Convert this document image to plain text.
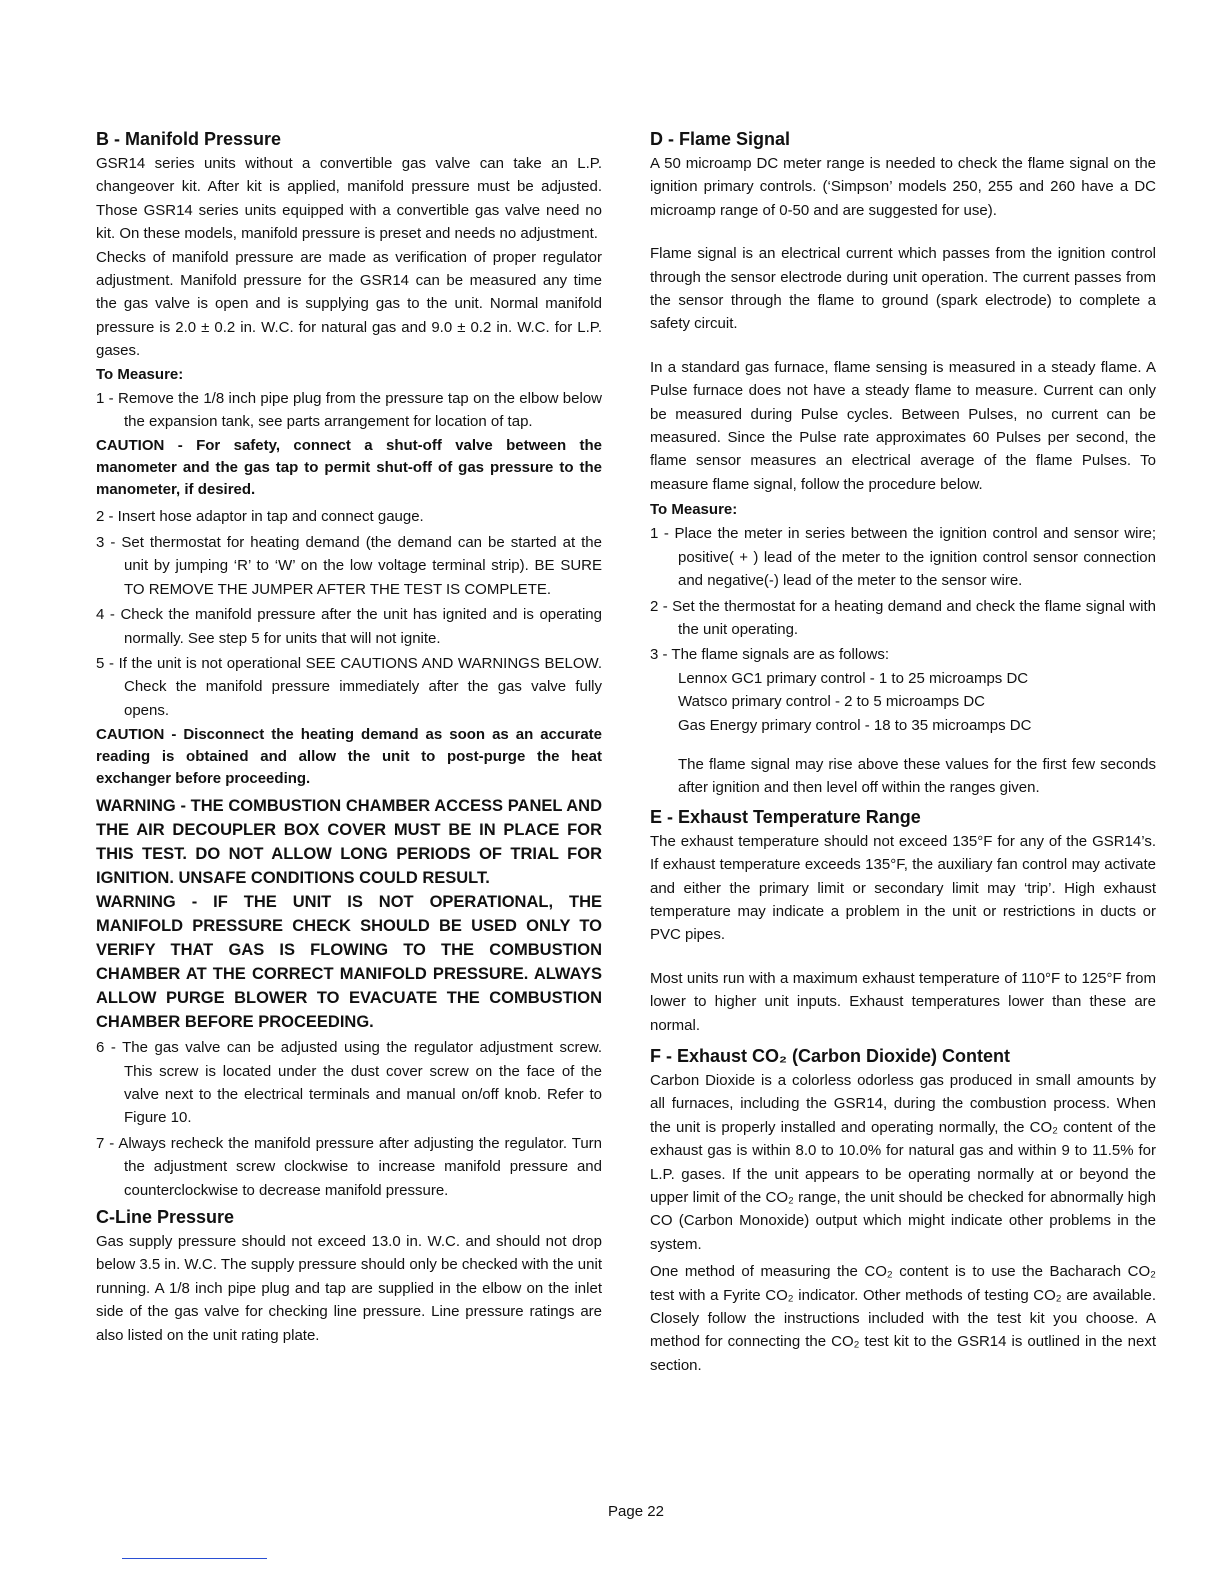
B - Manifold Pressure

GSR14 series units without a convertible gas valve can take an L.P. changeover kit. After kit is applied, manifold pressure must be adjusted. Those GSR14 series units equipped with a convertible gas valve need no kit. On these models, manifold pressure is preset and needs no adjustment.

Checks of manifold pressure are made as verification of proper regulator adjustment. Manifold pressure for the GSR14 can be measured any time the gas valve is open and is supplying gas to the unit. Normal manifold pressure is 2.0 ± 0.2 in. W.C. for natural gas and 9.0 ± 0.2 in. W.C. for L.P. gases.

To Measure:
1 - Remove the 1/8 inch pipe plug from the pressure tap on the elbow below the expansion tank, see parts arrangement for location of tap.
CAUTION - For safety, connect a shut-off valve between the manometer and the gas tap to permit shut-off of gas pressure to the manometer, if desired.
2 - Insert hose adaptor in tap and connect gauge.
3 - Set thermostat for heating demand (the demand can be started at the unit by jumping ‘R’ to ‘W’ on the low voltage terminal strip). BE SURE TO REMOVE THE JUMPER AFTER THE TEST IS COMPLETE.
4 - Check the manifold pressure after the unit has ignited and is operating normally. See step 5 for units that will not ignite.
5 - If the unit is not operational SEE CAUTIONS AND WARNINGS BELOW. Check the manifold pressure immediately after the gas valve fully opens.
CAUTION - Disconnect the heating demand as soon as an accurate reading is obtained and allow the unit to post-purge the heat exchanger before proceeding.
WARNING - THE COMBUSTION CHAMBER ACCESS PANEL AND THE AIR DECOUPLER BOX COVER MUST BE IN PLACE FOR THIS TEST. DO NOT ALLOW LONG PERIODS OF TRIAL FOR IGNITION. UNSAFE CONDITIONS COULD RESULT.
WARNING - IF THE UNIT IS NOT OPERATIONAL, THE MANIFOLD PRESSURE CHECK SHOULD BE USED ONLY TO VERIFY THAT GAS IS FLOWING TO THE COMBUSTION CHAMBER AT THE CORRECT MANIFOLD PRESSURE. ALWAYS ALLOW PURGE BLOWER TO EVACUATE THE COMBUSTION CHAMBER BEFORE PROCEEDING.
6 - The gas valve can be adjusted using the regulator adjustment screw. This screw is located under the dust cover screw on the face of the valve next to the electrical terminals and manual on/off knob. Refer to Figure 10.
7 - Always recheck the manifold pressure after adjusting the regulator. Turn the adjustment screw clockwise to increase manifold pressure and counterclockwise to decrease manifold pressure.
C-Line Pressure

Gas supply pressure should not exceed 13.0 in. W.C. and should not drop below 3.5 in. W.C. The supply pressure should only be checked with the unit running. A 1/8 inch pipe plug and tap are supplied in the elbow on the inlet side of the gas valve for checking line pressure. Line pressure ratings are also listed on the unit rating plate.

D - Flame Signal

A 50 microamp DC meter range is needed to check the flame signal on the ignition primary controls. (‘Simpson’ models 250, 255 and 260 have a DC microamp range of 0-50 and are suggested for use).

Flame signal is an electrical current which passes from the ignition control through the sensor electrode during unit operation. The current passes from the sensor through the flame to ground (spark electrode) to complete a safety circuit.

In a standard gas furnace, flame sensing is measured in a steady flame. A Pulse furnace does not have a steady flame to measure. Current can only be measured during Pulse cycles. Between Pulses, no current can be measured. Since the Pulse rate approximates 60 Pulses per second, the flame sensor measures an electrical average of the flame Pulses. To measure flame signal, follow the procedure below.

To Measure:
1 - Place the meter in series between the ignition control and sensor wire; positive( + ) lead of the meter to the ignition control sensor connection and negative(-) lead of the meter to the sensor wire.
2 - Set the thermostat for a heating demand and check the flame signal with the unit operating.
3 - The flame signals are as follows:
Lennox GC1 primary control - 1 to 25 microamps DC
Watsco primary control - 2 to 5 microamps DC
Gas Energy primary control - 18 to 35 microamps DC
The flame signal may rise above these values for the first few seconds after ignition and then level off within the ranges given.
E - Exhaust Temperature Range

The exhaust temperature should not exceed 135°F for any of the GSR14’s. If exhaust temperature exceeds 135°F, the auxiliary fan control may activate and either the primary limit or secondary limit may ‘trip’. High exhaust temperature may indicate a problem in the unit or restrictions in ducts or PVC pipes.

Most units run with a maximum exhaust temperature of 110°F to 125°F from lower to higher unit inputs. Exhaust temperatures lower than these are normal.

F - Exhaust CO₂ (Carbon Dioxide) Content

Carbon Dioxide is a colorless odorless gas produced in small amounts by all furnaces, including the GSR14, during the combustion process. When the unit is properly installed and operating normally, the CO₂ content of the exhaust gas is within 8.0 to 10.0% for natural gas and within 9 to 11.5% for L.P. gases. If the unit appears to be operating normally at or beyond the upper limit of the CO₂ range, the unit should be checked for abnormally high CO (Carbon Monoxide) output which might indicate other problems in the system.

One method of measuring the CO₂ content is to use the Bacharach CO₂ test with a Fyrite CO₂ indicator. Other methods of testing CO₂ are available. Closely follow the instructions included with the test kit you choose. A method for connecting the CO₂ test kit to the GSR14 is outlined in the next section.

Page 22
